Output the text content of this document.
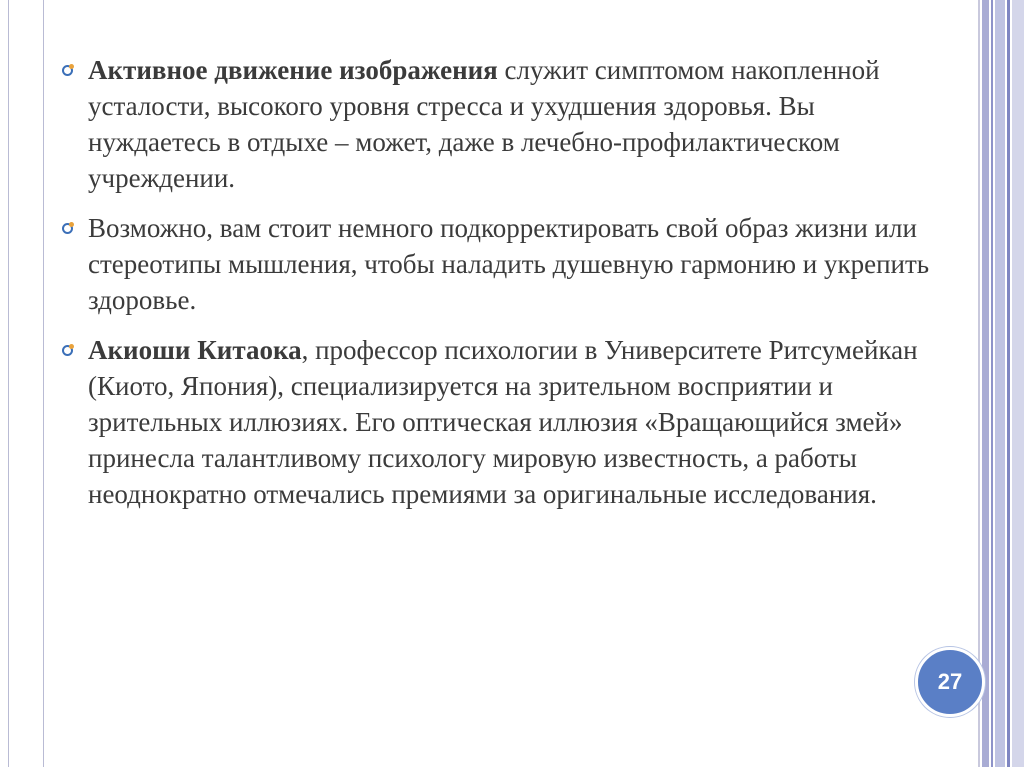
Активное движение изображения служит симптомом накопленной усталости, высокого уровня стресса и ухудшения здоровья. Вы нуждаетесь в отдыхе – может, даже в лечебно-профилактическом учреждении.

Возможно, вам стоит немного подкорректировать свой образ жизни или стереотипы мышления, чтобы наладить душевную гармонию и укрепить здоровье.

Акиоши Китаока, профессор психологии в Университете Ритсумейкан (Киото, Япония), специализируется на зрительном восприятии и зрительных иллюзиях. Его оптическая иллюзия «Вращающийся змей» принесла талантливому психологу мировую известность, а работы неоднократно отмечались премиями за оригинальные исследования.

27
